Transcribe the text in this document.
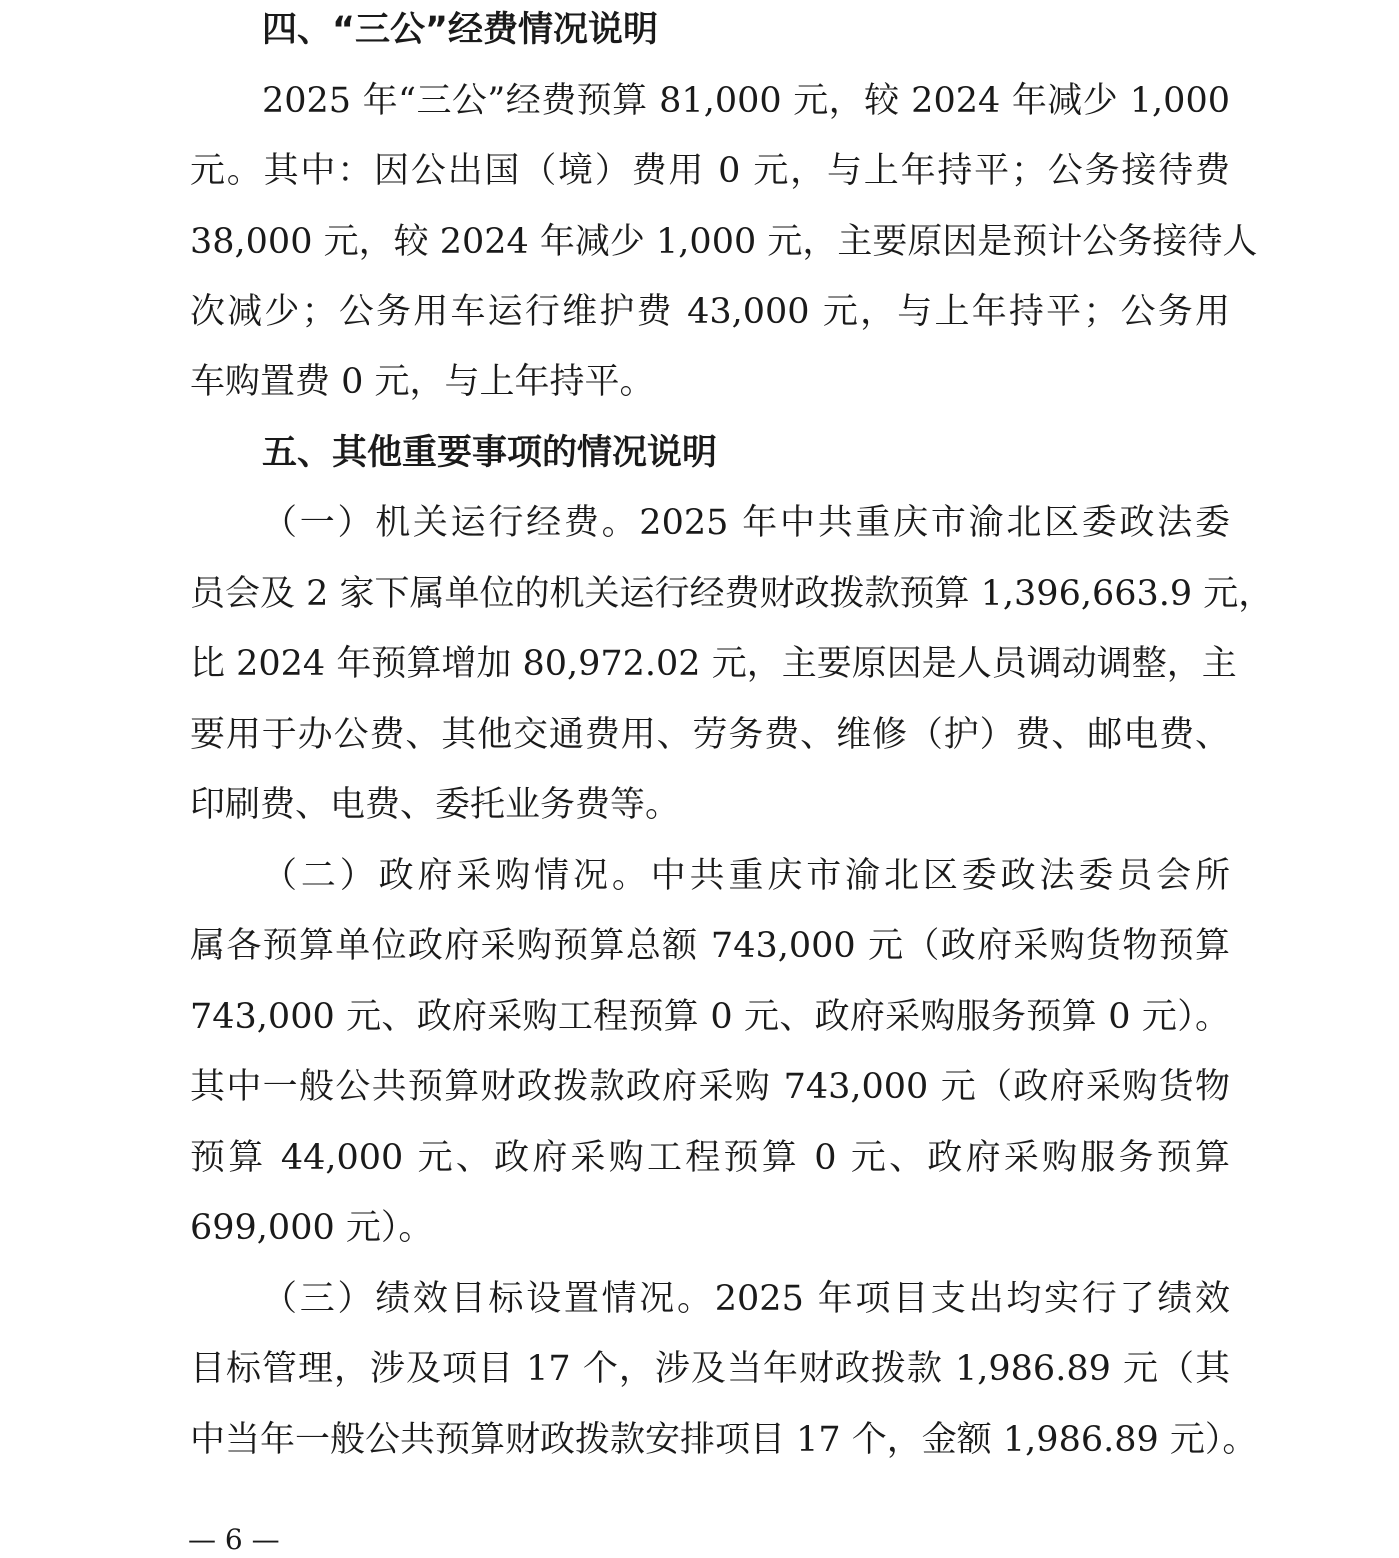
四、“三公”经费情况说明
2025 年“三公”经费预算 81,000 元，较 2024 年减少 1,000
元。其中：因公出国（境）费用 0 元，与上年持平；公务接待费
38,000 元，较 2024 年减少 1,000 元，主要原因是预计公务接待人
次减少；公务用车运行维护费 43,000 元，与上年持平；公务用
车购置费 0 元，与上年持平。
五、其他重要事项的情况说明
（一）机关运行经费。2025 年中共重庆市渝北区委政法委
员会及 2 家下属单位的机关运行经费财政拨款预算 1,396,663.9 元，
比 2024 年预算增加 80,972.02 元，主要原因是人员调动调整，主
要用于办公费、其他交通费用、劳务费、维修（护）费、邮电费、
印刷费、电费、委托业务费等。
（二）政府采购情况。中共重庆市渝北区委政法委员会所
属各预算单位政府采购预算总额 743,000 元（政府采购货物预算
743,000 元、政府采购工程预算 0 元、政府采购服务预算 0 元）。
其中一般公共预算财政拨款政府采购 743,000 元（政府采购货物
预算 44,000 元、政府采购工程预算 0 元、政府采购服务预算
699,000 元）。
（三）绩效目标设置情况。2025 年项目支出均实行了绩效
目标管理，涉及项目 17 个，涉及当年财政拨款 1,986.89 元（其
中当年一般公共预算财政拨款安排项目 17 个，金额 1,986.89 元）。
— 6 —
